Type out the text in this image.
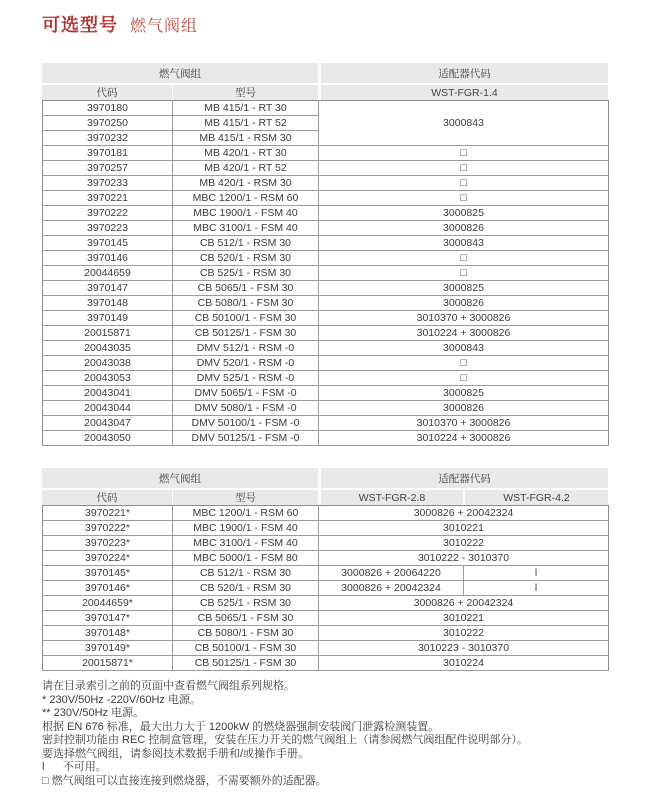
可选型号 燃气阀组
燃气阀组	适配器代码
代码	型号	WST-FGR-1.4
3970180	MB 415/1 - RT 30	3000843
3970250	MB 415/1 - RT 52	
3970232	MB 415/1 - RSM 30	
3970181	MB 420/1 - RT 30	□
3970257	MB 420/1 - RT 52	□
3970233	MB 420/1 - RSM 30	□
3970221	MBC 1200/1 - RSM 60	□
3970222	MBC 1900/1 - FSM 40	3000825
3970223	MBC 3100/1 - FSM 40	3000826
3970145	CB 512/1 - RSM 30	3000843
3970146	CB 520/1 - RSM 30	□
20044659	CB 525/1 - RSM 30	□
3970147	CB 5065/1 - FSM 30	3000825
3970148	CB 5080/1 - FSM 30	3000826
3970149	CB 50100/1 - FSM 30	3010370 + 3000826
20015871	CB 50125/1 - FSM 30	3010224 + 3000826
20043035	DMV 512/1 - RSM -0	3000843
20043038	DMV 520/1 - RSM -0	□
20043053	DMV 525/1 - RSM -0	□
20043041	DMV 5065/1 - FSM -0	3000825
20043044	DMV 5080/1 - FSM -0	3000826
20043047	DMV 50100/1 - FSM -0	3010370 + 3000826
20043050	DMV 50125/1 - FSM -0	3010224 + 3000826
燃气阀组	适配器代码
代码	型号	WST-FGR-2.8	WST-FGR-4.2
3970221*	MBC 1200/1 - RSM 60	3000826 + 20042324	
3970222*	MBC 1900/1 - FSM 40	3010221	
3970223*	MBC 3100/1 - FSM 40	3010222	
3970224*	MBC 5000/1 - FSM 80	3010222 - 3010370	
3970145*	CB 512/1 - RSM 30	3000826 + 20064220	l
3970146*	CB 520/1 - RSM 30	3000826 + 20042324	l
20044659*	CB 525/1 - RSM 30	3000826 + 20042324	
3970147*	CB 5065/1 - FSM 30	3010221	
3970148*	CB 5080/1 - FSM 30	3010222	
3970149*	CB 50100/1 - FSM 30	3010223 - 3010370	
20015871*	CB 50125/1 - FSM 30	3010224	
请在目录索引之前的页面中查看燃气阀组系列规格。
* 230V/50Hz -220V/60Hz 电源。
** 230V/50Hz 电源。
根据 EN 676 标准，最大出力大于 1200kW 的燃烧器强制安装阀门泄露检测装置。
密封控制功能由 REC 控制盒管理，安装在压力开关的燃气阀组上（请参阅燃气阀组配件说明部分）。
要选择燃气阀组，请参阅技术数据手册和/或操作手册。
l      不可用。
□ 燃气阀组可以直接连接到燃烧器，不需要额外的适配器。
